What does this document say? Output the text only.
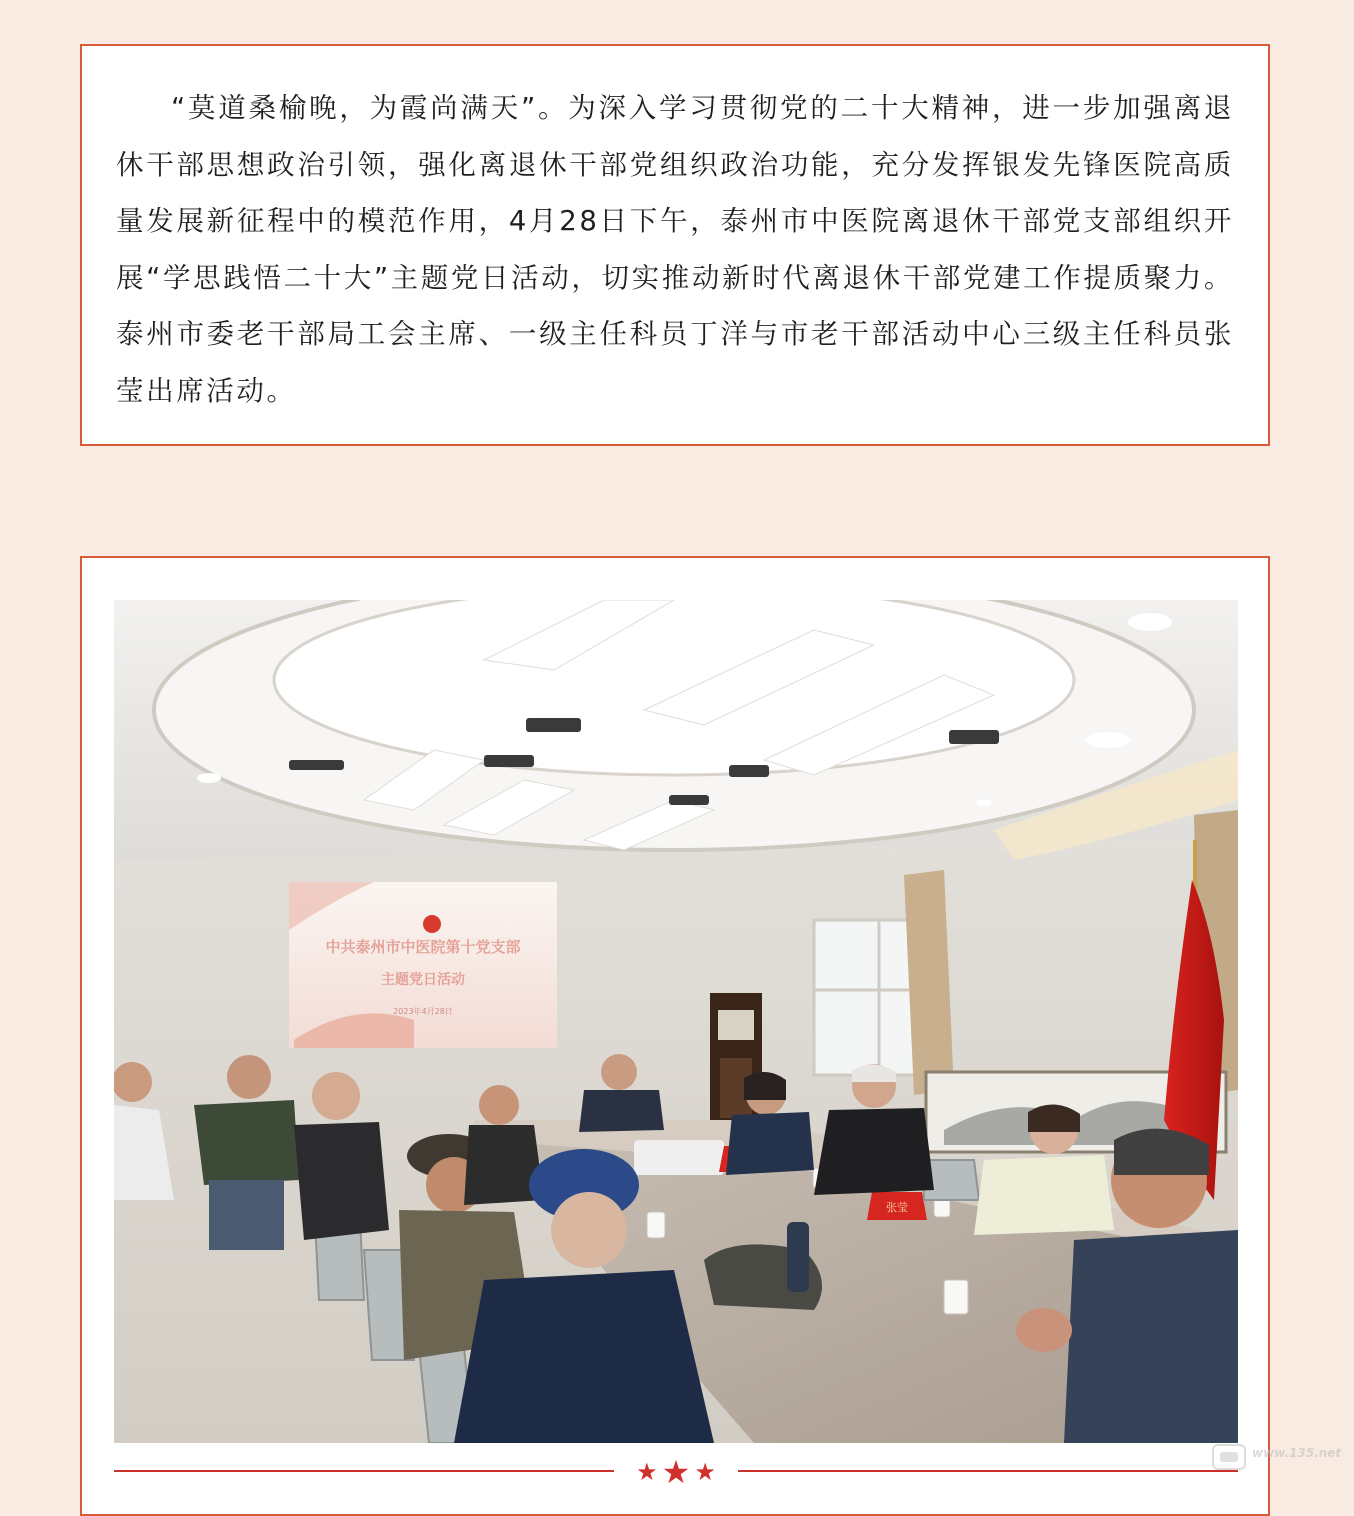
“莫道桑榆晚，为霞尚满天”。为深入学习贯彻党的二十大精神，进一步加强离退休干部思想政治引领，强化离退休干部党组织政治功能，充分发挥银发先锋医院高质量发展新征程中的模范作用，4月28日下午，泰州市中医院离退休干部党支部组织开展“学思践悟二十大”主题党日活动，切实推动新时代离退休干部党建工作提质聚力。泰州市委老干部局工会主席、一级主任科员丁洋与市老干部活动中心三级主任科员张莹出席活动。

中共泰州市中医院第十党支部
主题党日活动
2023年4月28日
张莹
★ ★ ★
www.135.net
